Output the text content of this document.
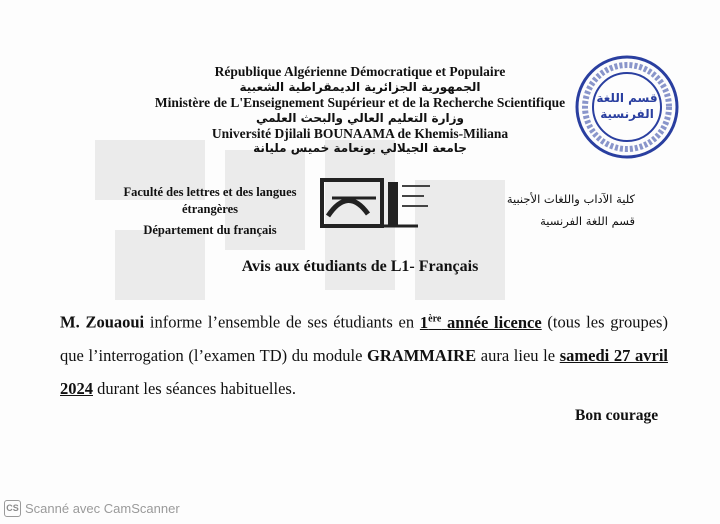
République Algérienne Démocratique et Populaire
الجمهورية الجزائرية الديمقراطية الشعبية
Ministère de L'Enseignement Supérieur et de la Recherche Scientifique
وزارة التعليم العالي والبحث العلمي
Université Djilali BOUNAAMA de Khemis-Miliana
جامعة الجيلالي بونعامة خميس مليانة
Faculté des lettres et des langues
étrangères
Département du français
كلية الآداب واللغات الأجنبية
قسم اللغة الفرنسية
قسم اللغة الفرنسية
Avis aux étudiants de L1- Français
M. Zouaoui informe l’ensemble de ses étudiants en 1ère année licence (tous les groupes) que l’interrogation (l’examen TD) du module GRAMMAIRE aura lieu le samedi 27 avril 2024 durant les séances habituelles.
Bon courage
CS Scanné avec CamScanner
